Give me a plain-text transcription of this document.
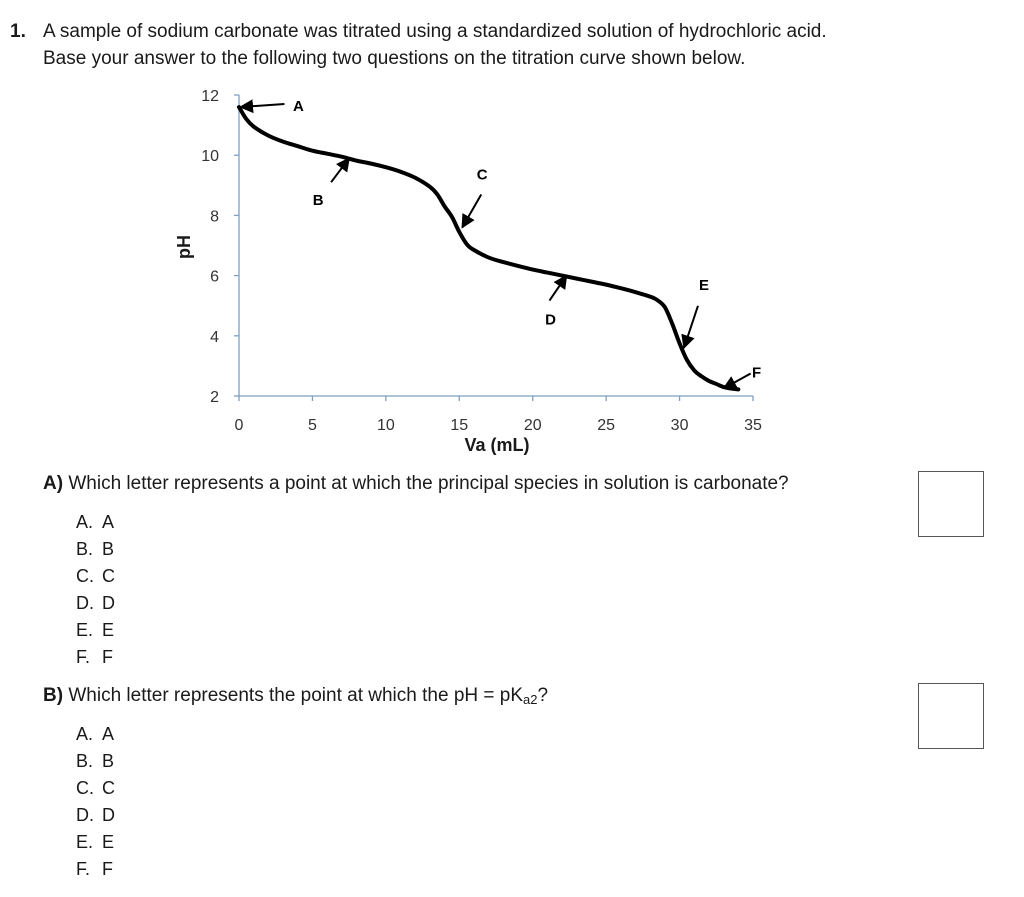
1. A sample of sodium carbonate was titrated using a standardized solution of hydrochloric acid.
Base your answer to the following two questions on the titration curve shown below.
2
4
6
8
10
12
0	5	10	15	20	25	30	35
Va (mL)
pH
A
B
C
D
E
F
A) Which letter represents a point at which the principal species in solution is carbonate?
A. A
B. B
C. C
D. D
E. E
F. F
B) Which letter represents the point at which the pH = pKa2?
A. A
B. B
C. C
D. D
E. E
F. F
